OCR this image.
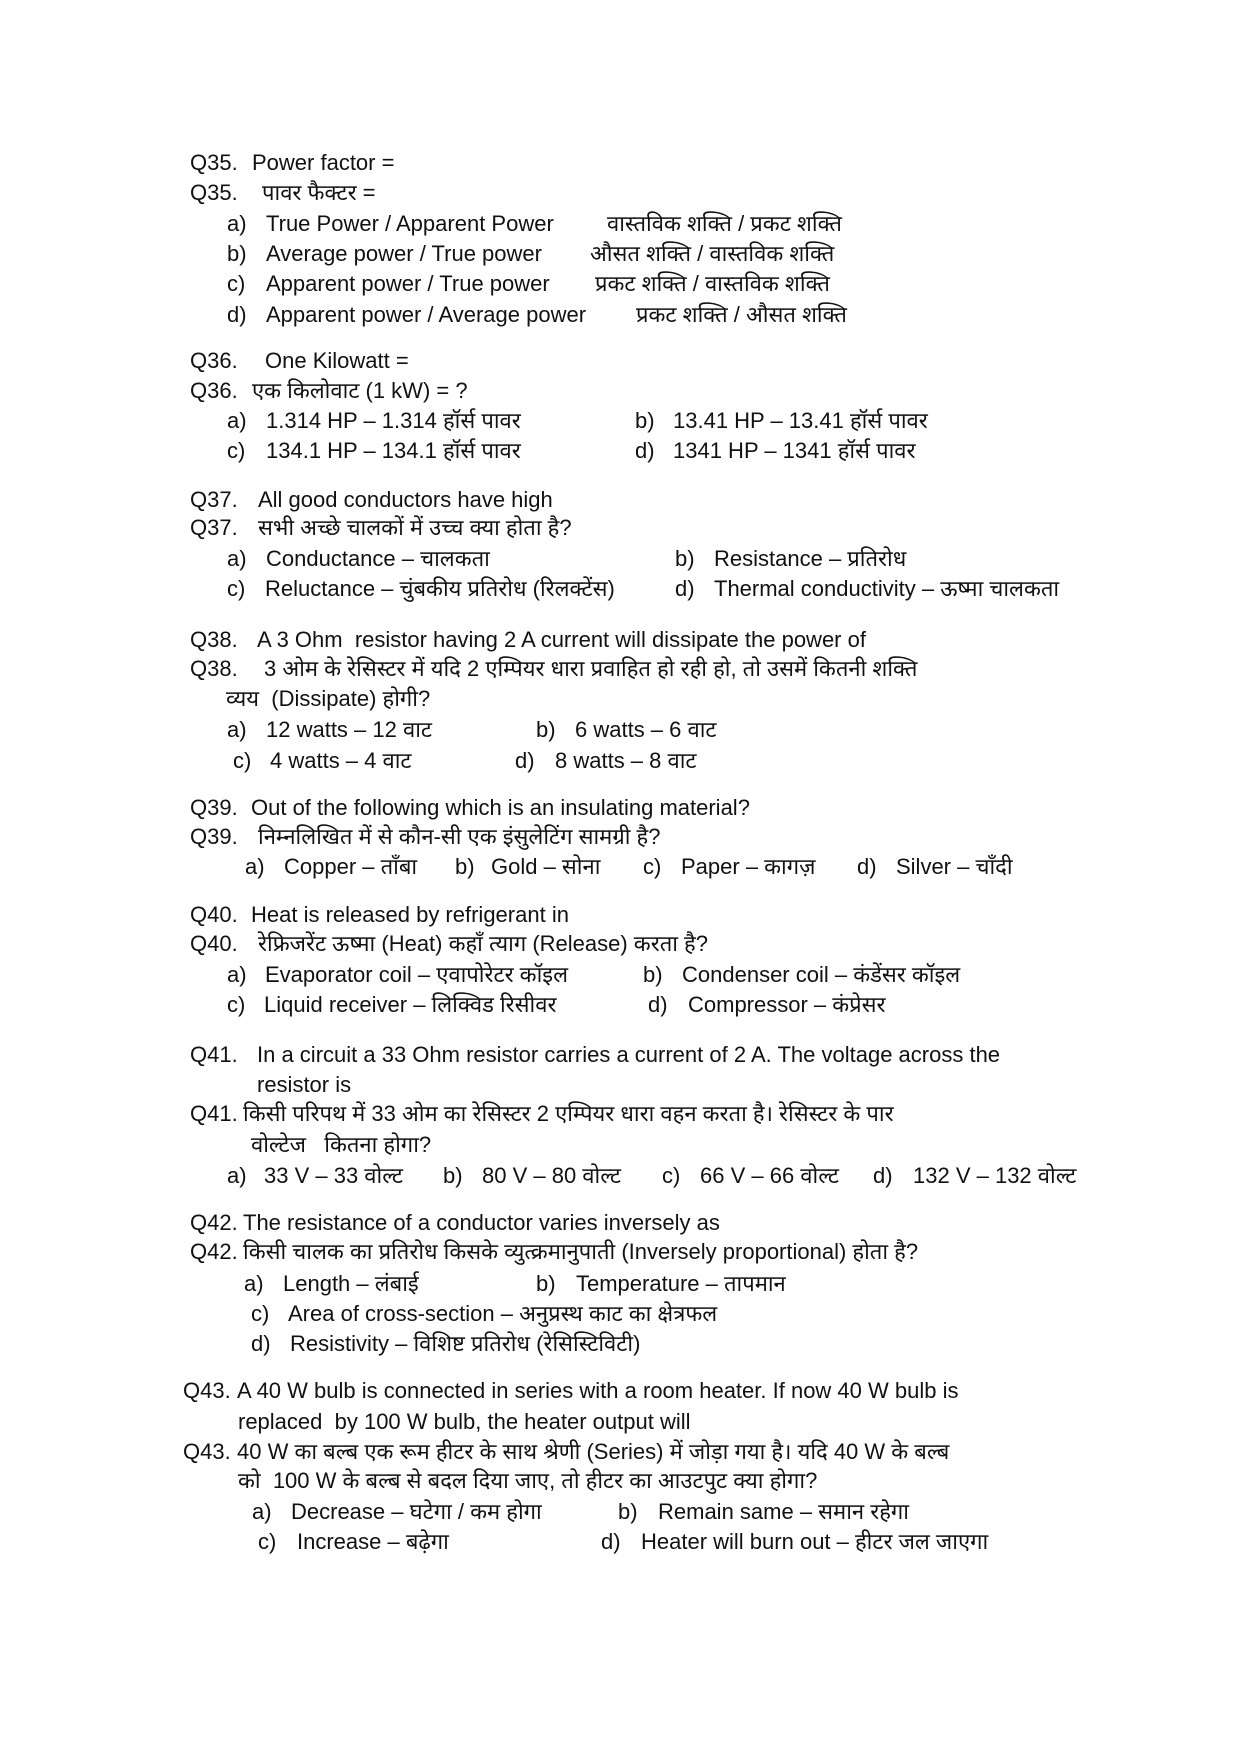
Q35. Power factor =
Q35. पावर फैक्टर =
a) True Power / Apparent Power वास्तविक शक्ति / प्रकट शक्ति
b) Average power / True power औसत शक्ति / वास्तविक शक्ति
c) Apparent power / True power प्रकट शक्ति / वास्तविक शक्ति
d) Apparent power / Average power प्रकट शक्ति / औसत शक्ति
Q36. One Kilowatt =
Q36. एक किलोवाट (1 kW) = ?
a) 1.314 HP – 1.314 हॉर्स पावर	b) 13.41 HP – 13.41 हॉर्स पावर
c) 134.1 HP – 134.1 हॉर्स पावर	d) 1341 HP – 1341 हॉर्स पावर
Q37. All good conductors have high
Q37. सभी अच्छे चालकों में उच्च क्या होता है?
a) Conductance – चालकता	b) Resistance – प्रतिरोध
c) Reluctance – चुंबकीय प्रतिरोध (रिलक्टेंस)	d) Thermal conductivity – ऊष्मा चालकता
Q38. A 3 Ohm  resistor having 2 A current will dissipate the power of
Q38. 3 ओम के रेसिस्टर में यदि 2 एम्पियर धारा प्रवाहित हो रही हो, तो उसमें कितनी शक्ति
व्यय  (Dissipate) होगी?
a) 12 watts – 12 वाट	b) 6 watts – 6 वाट
c) 4 watts – 4 वाट	d) 8 watts – 8 वाट
Q39. Out of the following which is an insulating material?
Q39. निम्नलिखित में से कौन-सी एक इंसुलेटिंग सामग्री है?
a) Copper – ताँबा b) Gold – सोना c) Paper – कागज़ d) Silver – चाँदी
Q40. Heat is released by refrigerant in
Q40. रेफ्रिजरेंट ऊष्मा (Heat) कहाँ त्याग (Release) करता है?
a) Evaporator coil – एवापोरेटर कॉइल	b) Condenser coil – कंडेंसर कॉइल
c) Liquid receiver – लिक्विड रिसीवर	d) Compressor – कंप्रेसर
Q41. In a circuit a 33 Ohm resistor carries a current of 2 A. The voltage across the
resistor is
Q41. किसी परिपथ में 33 ओम का रेसिस्टर 2 एम्पियर धारा वहन करता है। रेसिस्टर के पार
वोल्टेज   कितना होगा?
a) 33 V – 33 वोल्ट b) 80 V – 80 वोल्ट c) 66 V – 66 वोल्ट d) 132 V – 132 वोल्ट
Q42. The resistance of a conductor varies inversely as
Q42. किसी चालक का प्रतिरोध किसके व्युत्क्रमानुपाती (Inversely proportional) होता है?
a) Length – लंबाई	b) Temperature – तापमान
c) Area of cross-section – अनुप्रस्थ काट का क्षेत्रफल
d) Resistivity – विशिष्ट प्रतिरोध (रेसिस्टिविटी)
Q43. A 40 W bulb is connected in series with a room heater. If now 40 W bulb is
replaced  by 100 W bulb, the heater output will
Q43. 40 W का बल्ब एक रूम हीटर के साथ श्रेणी (Series) में जोड़ा गया है। यदि 40 W के बल्ब
को  100 W के बल्ब से बदल दिया जाए, तो हीटर का आउटपुट क्या होगा?
a) Decrease – घटेगा / कम होगा	b) Remain same – समान रहेगा
c) Increase – बढ़ेगा	d) Heater will burn out – हीटर जल जाएगा
